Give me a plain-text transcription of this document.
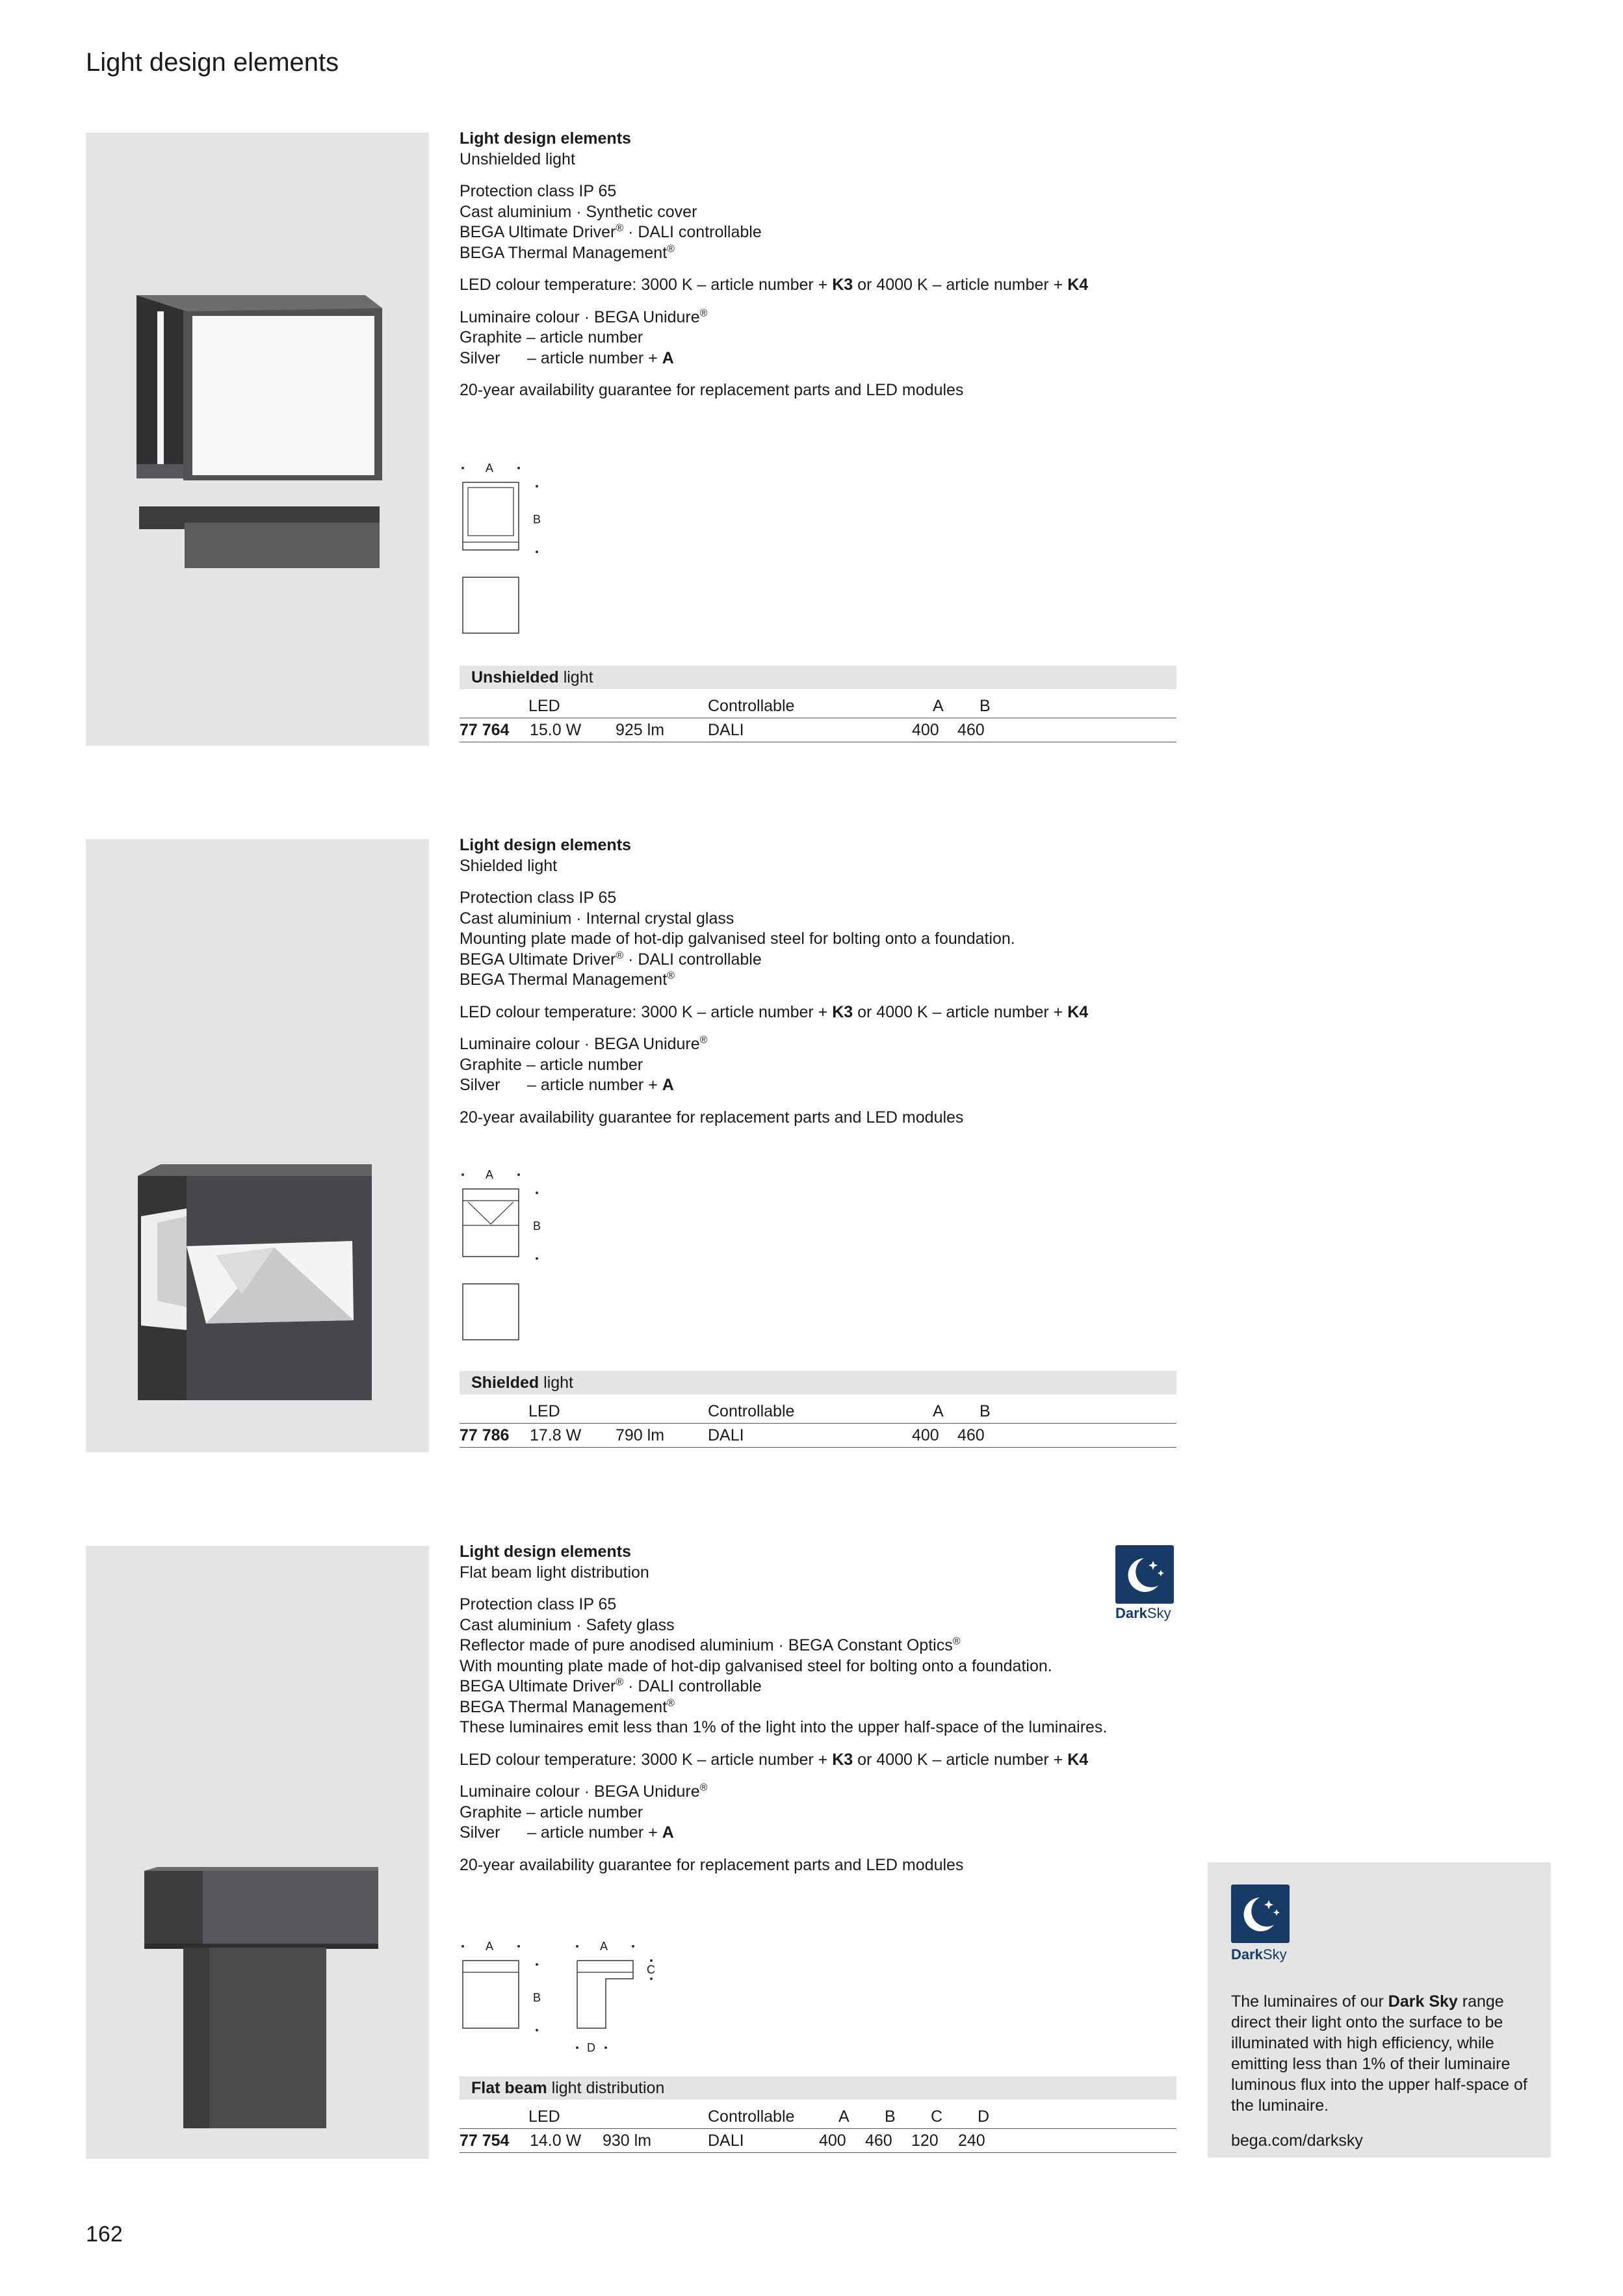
Light design elements

Light design elements
Unshielded light

Protection class IP 65
Cast aluminium · Synthetic cover
BEGA Ultimate Driver® · DALI controllable
BEGA Thermal Management®

LED colour temperature: 3000 K – article number + K3 or 4000 K – article number + K4

Luminaire colour · BEGA Unidure®
Graphite – article number
Silver – article number + A

20-year availability guarantee for replacement parts and LED modules

A
B
Unshielded light
LED	Controllable	A B
77 764 15.0 W 925 lm	DALI	400 460

Light design elements
Shielded light

Protection class IP 65
Cast aluminium · Internal crystal glass
Mounting plate made of hot-dip galvanised steel for bolting onto a foundation.
BEGA Ultimate Driver® · DALI controllable
BEGA Thermal Management®

LED colour temperature: 3000 K – article number + K3 or 4000 K – article number + K4

Luminaire colour · BEGA Unidure®
Graphite – article number
Silver – article number + A

20-year availability guarantee for replacement parts and LED modules

A
B
Shielded light
LED	Controllable	A B
77 786 17.8 W 790 lm	DALI	400 460

Light design elements
Flat beam light distribution

Protection class IP 65
Cast aluminium · Safety glass
Reflector made of pure anodised aluminium · BEGA Constant Optics®
With mounting plate made of hot-dip galvanised steel for bolting onto a foundation.
BEGA Ultimate Driver® · DALI controllable
BEGA Thermal Management®
These luminaires emit less than 1% of the light into the upper half-space of the luminaires.

LED colour temperature: 3000 K – article number + K3 or 4000 K – article number + K4

Luminaire colour · BEGA Unidure®
Graphite – article number
Silver – article number + A

20-year availability guarantee for replacement parts and LED modules

DarkSky
A
B
A
C
D
Flat beam light distribution
LED	Controllable	A B C D
77 754 14.0 W 930 lm	DALI	400 460 120 240
DarkSky

The luminaires of our Dark Sky range direct their light onto the surface to be illuminated with high efficiency, while emitting less than 1% of their luminaire luminous flux into the upper half-space of the luminaire.

bega.com/darksky

162
